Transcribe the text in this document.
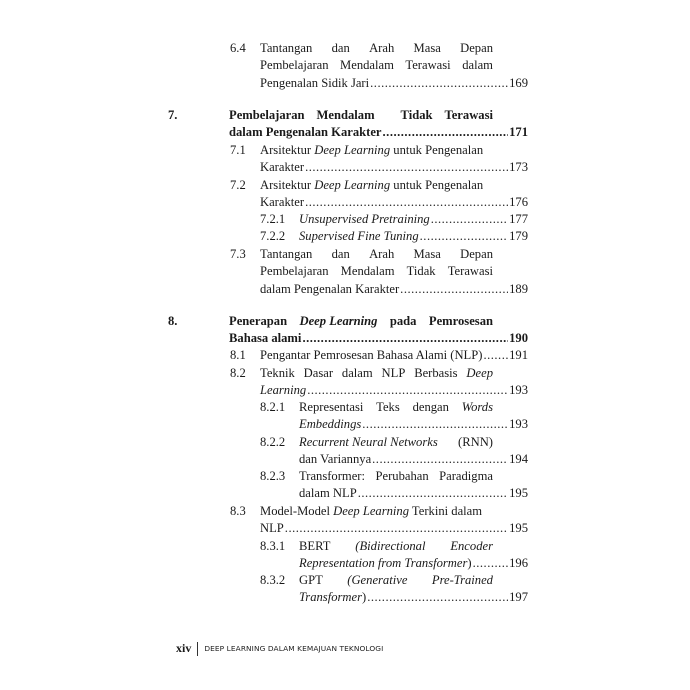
6.4 Tantangan dan Arah Masa Depan
Pembelajaran Mendalam Terawasi dalam
Pengenalan Sidik Jari .....	169
7.	Pembelajaran Mendalam Tidak Terawasi
dalam Pengenalan Karakter .....	171
7.1 Arsitektur Deep Learning untuk Pengenalan
Karakter .....	173
7.2 Arsitektur Deep Learning untuk Pengenalan
Karakter .....	176
7.2.1 Unsupervised Pretraining .....	177
7.2.2 Supervised Fine Tuning .....	179
7.3 Tantangan dan Arah Masa Depan
Pembelajaran Mendalam Tidak Terawasi
dalam Pengenalan Karakter .....	189
8.	Penerapan Deep Learning pada Pemrosesan
Bahasa alami .....	190
8.1 Pengantar Pemrosesan Bahasa Alami (NLP) ..... 191
8.2 Teknik Dasar dalam NLP Berbasis Deep
Learning .....	193
8.2.1 Representasi Teks dengan Words
Embeddings .....	193
8.2.2 Recurrent Neural Networks (RNN)
dan Variannya .....	194
8.2.3 Transformer: Perubahan Paradigma
dalam NLP .....	195
8.3 Model-Model Deep Learning Terkini dalam
NLP .....	195
8.3.1 BERT (Bidirectional Encoder
Representation from Transformer ) .....	196
8.3.2 GPT (Generative Pre-Trained
Transformer ) .....	197
xiv DEEP LEARNING DALAM KEMAJUAN TEKNOLOGI
